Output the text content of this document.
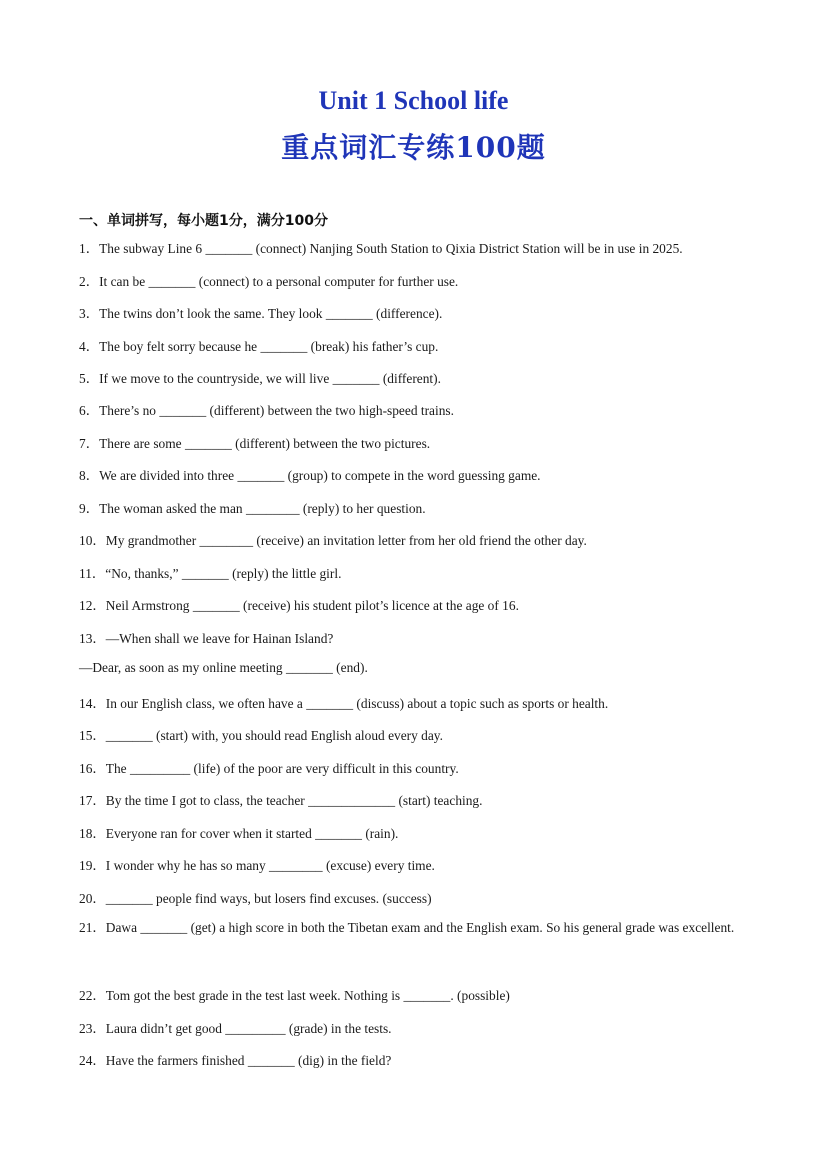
Unit 1 School life
重点词汇专练100题
一、单词拼写，每小题1分，满分100分
1．The subway Line 6 _______ (connect) Nanjing South Station to Qixia District Station will be in use in 2025.
2．It can be _______ (connect) to a personal computer for further use.
3．The twins don’t look the same. They look _______ (difference).
4．The boy felt sorry because he _______ (break) his father’s cup.
5．If we move to the countryside, we will live _______ (different).
6．There’s no _______ (different) between the two high-speed trains.
7．There are some _______ (different) between the two pictures.
8．We are divided into three _______ (group) to compete in the word guessing game.
9．The woman asked the man ________ (reply) to her question.
10．My grandmother ________ (receive) an invitation letter from her old friend the other day.
11．“No, thanks,” _______ (reply) the little girl.
12．Neil Armstrong _______ (receive) his student pilot’s licence at the age of 16.
13．—When shall we leave for Hainan Island?
—Dear, as soon as my online meeting _______ (end).
14．In our English class, we often have a _______ (discuss) about a topic such as sports or health.
15．_______ (start) with, you should read English aloud every day.
16．The _________ (life) of the poor are very difficult in this country.
17．By the time I got to class, the teacher _____________ (start) teaching.
18．Everyone ran for cover when it started _______ (rain).
19．I wonder why he has so many ________ (excuse) every time.
20．_______ people find ways, but losers find excuses. (success)
21．Dawa _______ (get) a high score in both the Tibetan exam and the English exam. So his general grade was excellent.
22．Tom got the best grade in the test last week. Nothing is _______. (possible)
23．Laura didn’t get good _________ (grade) in the tests.
24．Have the farmers finished _______ (dig) in the field?
